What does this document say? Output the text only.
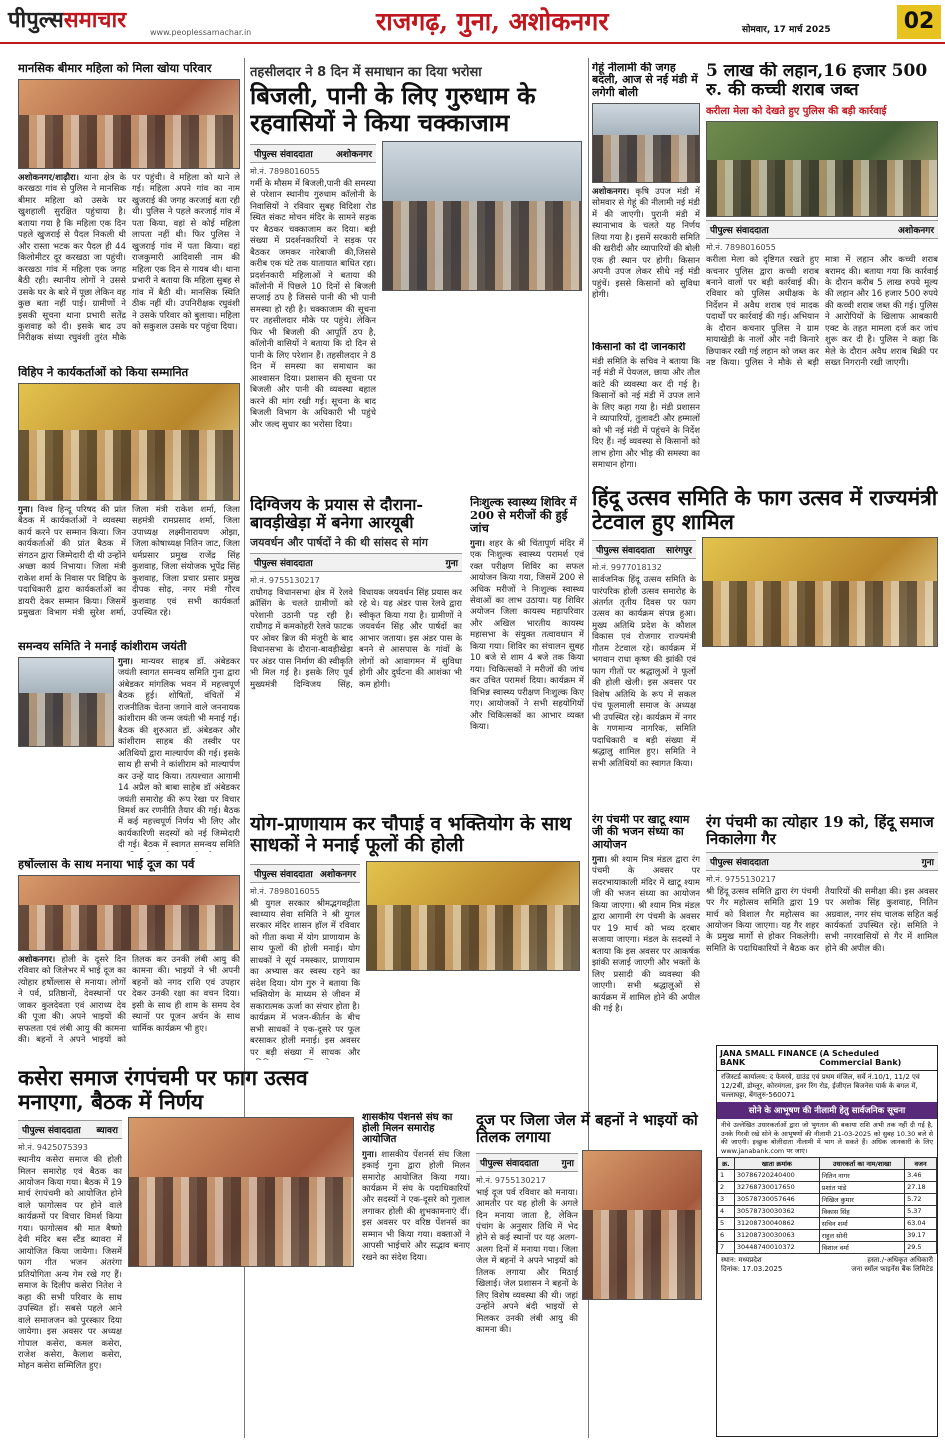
पीपुल्ससमाचार	www.peoplessamachar.in	राजगढ़, गुना, अशोकनगर	सोमवार, 17 मार्च 2025	02
मानसिक बीमार महिला को मिला खोया परिवार
अशोकनगर/शाढ़ौरा। थाना क्षेत्र के करखठा गांव से पुलिस ने मानसिक बीमार महिला को उसके घर खुशहाली सुरक्षित पहुंचाया है। बताया गया है कि महिला एक दिन पहले खुजराई से पैदल निकली थी और रास्ता भटक कर पैदल ही 44 किलोमीटर दूर करखठा जा पहुंची। करखठा गांव में महिला एक जगह बैठी रही। स्थानीय लोगों ने उससे उसके घर के बारे में पूछा लेकिन वह कुछ बता नहीं पाई। ग्रामीणों ने इसकी सूचना थाना प्रभारी सतेंद्र कुशवाह को दी। इसके बाद उप निरीक्षक संध्या रघुवंशी तुरंत मौके पर पहुंची। वे महिला को थाने ले गई। महिला अपने गांव का नाम खुजराई की जगह करजाई बता रही थी। पुलिस ने पहले करजाई गांव में पता किया, वहां से कोई महिला लापता नहीं थी। फिर पुलिस ने खुजराई गांव में पता किया। वहां राजकुमारी आदिवासी नाम की महिला एक दिन से गायब थी। थाना प्रभारी ने बताया कि महिला सुबह से गांव में बैठी थी। मानसिक स्थिति ठीक नहीं थी। उपनिरीक्षक रघुवंशी ने उसके परिवार को बुलाया। महिला को सकुशल उसके घर पहुंचा दिया।
विहिप ने कार्यकर्ताओं को किया सम्मानित
गुना। विश्व हिन्दू परिषद की प्रांत बैठक में कार्यकर्ताओं ने व्यवस्था कार्य करने पर सम्मान किया। जिन कार्यकर्ताओं की प्रांत बैठक में संगठन द्वारा जिम्मेदारी दी थी उन्होंने अच्छा कार्य निभाया। जिला मंत्री राकेश शर्मा के निवास पर विहिप के पदाधिकारी द्वारा कार्यकर्ताओं का डायरी देकर सम्मान किया। जिसमें प्रमुखतः विभाग मंत्री सुरेश शर्मा, जिला मंत्री राकेश शर्मा, जिला सहमंत्री रामप्रसाद शर्मा, जिला उपाध्यक्ष लक्ष्मीनारायण ओझा, जिला कोषाध्यक्ष नितिन जाट, जिला धर्मप्रसार प्रमुख राजेंद्र सिंह कुशवाह, जिला संयोजक भूपेंद्र सिंह कुशवाह, जिला प्रचार प्रसार प्रमुख दीपक सोढ़, नगर मंत्री गौरव कुशवाह एवं सभी कार्यकर्ता उपस्थित रहे।
समन्वय समिति ने मनाई कांशीराम जयंती
गुना। मान्यवर साहब डॉ. अंबेडकर जयंती स्वागत समन्वय समिति गुना द्वारा अंबेडकर मांगलिक भवन में महत्त्वपूर्ण बैठक हुई। शोषितों, वंचितों में राजनीतिक चेतना जगाने वाले जननायक कांशीराम की जन्म जयंती भी मनाई गई। बैठक की शुरुआत डॉ. अंबेडकर और कांशीराम साहब की तस्वीर पर अतिथियों द्वारा माल्यार्पण की गई। इसके साथ ही सभी ने कांशीराम को माल्यार्पण कर उन्हें याद किया। तत्पश्चात आगामी 14 अप्रैल को बाबा साहेब डॉ अंबेडकर जयंती समारोह की रूप रेखा पर विचार विमर्श कर रणनीति तैयार की गई। बैठक में कई महत्त्वपूर्ण निर्णय भी लिए और कार्यकारिणी सदस्यों को नई जिम्मेदारी दी गई। बैठक में स्वागत समन्वय समिति
हर्षोल्लास के साथ मनाया भाई दूज का पर्व
अशोकनगर। होली के दूसरे दिन रविवार को जिलेभर में भाई दूज का त्योहार हर्षोल्लास से मनाया। लोगों ने पर्व, प्रतिष्ठानों, देवस्थानों पर जाकर कुलदेवता एवं आराध्य देव की पूजा की। अपने भाइयों की सफलता एवं लंबी आयु की कामना की। बहनों ने अपने भाइयों को तिलक कर उनकी लंबी आयु की कामना की। भाइयों ने भी अपनी बहनों को नगद राशि एवं उपहार देकर उनकी रक्षा का वचन दिया। इसी के साथ ही शाम के समय देव स्थानों पर पूजन अर्चन के साथ धार्मिक कार्यक्रम भी हुए।
कसेरा समाज रंगपंचमी पर फाग उत्सव मनाएगा, बैठक में निर्णय
पीपुल्स संवाददाता ब्यावरा
मो.नं. 9425075393
स्थानीय कसेरा समाज की होली मिलन समारोह एवं बैठक का आयोजन किया गया। बैठक में 19 मार्च रंगपंचमी को आयोजित होने वाले फागोत्सव पर होने वाले कार्यक्रमों पर विचार विमर्श किया गया। फागोत्सव श्री मात बैष्णो देवी मंदिर बस स्टैंड ब्यावरा में आयोजित किया जायेगा। जिसमें फाग गीत भजन अंतरंगा प्रतियोगिता अन्य गेम रखे गए हैं। समाज के दिलीप कसेरा नितेश ने कहा की सभी परिवार के साथ उपस्थित हों। सबसे पहले आने वाले समाजजन को पुरस्कार दिया जायेगा। इस अवसर पर अध्यक्ष गोपाल कसेरा, कमल कसेरा, राजेश कसेरा, कैलाश कसेरा, मोहन कसेरा सम्मिलित हुए।
तहसीलदार ने 8 दिन में समाधान का दिया भरोसा
बिजली, पानी के लिए गुरुधाम के रहवासियों ने किया चक्काजाम
पीपुल्स संवाददाता	अशोकनगर
मो.नं. 7898016055
गर्मी के मौसम में बिजली,पानी की समस्या से परेशान स्थानीय गुरुधाम कॉलोनी के निवासियों ने रविवार सुबह विदिशा रोड स्थित संकट मोचन मंदिर के सामने सड़क पर बैठकर चक्काजाम कर दिया। बड़ी संख्या में प्रदर्शनकारियों ने सड़क पर बैठकर जमकर नारेबाजी की,जिससे करीब एक घंटे तक यातायात बाधित रहा। प्रदर्शनकारी महिलाओं ने बताया की कॉलोनी में पिछले 10 दिनों से बिजली सप्लाई ठप है जिससे पानी की भी पानी समस्या हो रही है। चक्काजाम की सूचना पर तहसीलदार मौके पर पहुंचे। लेकिन फिर भी बिजली की आपूर्ति ठप है, कॉलोनी वासियों ने बताया कि दो दिन से पानी के लिए परेशान हैं। तहसीलदार ने 8 दिन में समस्या का समाधान का आश्वासन दिया। प्रशासन की सूचना पर बिजली और पानी की व्यवस्था बहाल करने की मांग रखी गई। सूचना के बाद बिजली विभाग के अधिकारी भी पहुंचे और जल्द सुधार का भरोसा दिया।
दिग्विजय के प्रयास से दौराना-बावड़ीखेड़ा में बनेगा आरयूबी
जयवर्धन और पार्षदों ने की थी सांसद से मांग
पीपुल्स संवाददाता	गुना
मो.नं. 9755130217
राघौगढ़ विधानसभा क्षेत्र में रेलवे क्रॉसिंग के चलते ग्रामीणों को परेशानी उठानी पड़ रही है। राघौगढ़ में कमकोहरी रेलवे फाटक पर ओवर ब्रिज की मंजूरी के बाद विधानसभा के दौराना-बावड़ीखेड़ा पर अंडर पास निर्माण की स्वीकृति भी मिल गई है। इसके लिए पूर्व मुख्यमंत्री दिग्विजय सिंह, विधायक जयवर्धन सिंह प्रयास कर रहे थे। यह अंडर पास रेलवे द्वारा स्वीकृत किया गया है। ग्रामीणों ने जयवर्धन सिंह और पार्षदों का आभार जताया। इस अंडर पास के बनने से आसपास के गांवों के लोगों को आवागमन में सुविधा होगी और दुर्घटना की आशंका भी कम होगी।
निःशुल्क स्वास्थ्य शिविर में 200 से मरीजों की हुई जांच
गुना। शहर के श्री चिंतापूर्ण मंदिर में एक निःशुल्क स्वास्थ्य परामर्श एवं रक्त परीक्षण शिविर का सफल आयोजन किया गया, जिसमें 200 से अधिक मरीजों ने निःशुल्क स्वास्थ्य सेवाओं का लाभ उठाया। यह शिविर अयोजन जिला कायस्थ महापरिवार और अखिल भारतीय कायस्थ महासभा के संयुक्त तत्वावधान में किया गया। शिविर का संचालन सुबह 10 बजे से शाम 4 बजे तक किया गया। चिकित्सकों ने मरीजों की जांच कर उचित परामर्श दिया। कार्यक्रम में विभिन्न स्वास्थ्य परीक्षण निःशुल्क किए गए। आयोजकों ने सभी सहयोगियों और चिकित्सकों का आभार व्यक्त किया।
योग-प्राणायाम कर चौपाई व भक्तियोग के साथ साधकों ने मनाई फूलों की होली
पीपुल्स संवाददाता अशोकनगर
मो.नं. 7898016055
श्री युगल सरकार श्रीमद्भगवद्गीता स्वाध्याय सेवा समिति ने श्री युगल सरकार मंदिर शासन हॉल में रविवार को गीता कथा में योग प्राणायाम के साथ फूलों की होली मनाई। योग साधकों ने सूर्य नमस्कार, प्राणायाम का अभ्यास कर स्वस्थ रहने का संदेश दिया। योग गुरु ने बताया कि भक्तियोग के माध्यम से जीवन में सकारात्मक ऊर्जा का संचार होता है। कार्यक्रम में भजन-कीर्तन के बीच सभी साधकों ने एक-दूसरे पर फूल बरसाकर होली मनाई। इस अवसर पर बड़ी संख्या में साधक और
शासकीय पेंशनर्स संघ का होली मिलन समारोह आयोजित
गुना। शासकीय पेंशनर्स संघ जिला इकाई गुना द्वारा होली मिलन समारोह आयोजित किया गया। कार्यक्रम में संघ के पदाधिकारियों और सदस्यों ने एक-दूसरे को गुलाल लगाकर होली की शुभकामनाएं दीं। इस अवसर पर वरिष्ठ पेंशनर्स का सम्मान भी किया गया। वक्ताओं ने आपसी भाईचारे और सद्भाव बनाए रखने का संदेश दिया।
दूज पर जिला जेल में बहनों ने भाइयों को तिलक लगाया
पीपुल्स संवाददाता	गुना
मो.नं. 9755130217
भाई दूज पर्व रविवार को मनाया। आमतौर पर यह होली के अगले दिन मनाया जाता है, लेकिन पंचांग के अनुसार तिथि में भेद होने से कई स्थानों पर यह अलग-अलग दिनों में मनाया गया। जिला जेल में बहनों ने अपने भाइयों को तिलक लगाया और मिठाई खिलाई। जेल प्रशासन ने बहनों के लिए विशेष व्यवस्था की थी। जहां उन्होंने अपने बंदी भाइयों से मिलकर उनकी लंबी आयु की कामना की।
गेहूं नीलामी की जगह बदली, आज से नई मंडी में लगेगी बोली
अशोकनगर। कृषि उपज मंडी में सोमवार से गेहूं की नीलामी नई मंडी में की जाएगी। पुरानी मंडी में स्थानाभाव के चलते यह निर्णय लिया गया है। इसमें सरकारी समिति की खरीदी और व्यापारियों की बोली एक ही स्थान पर होगी। किसान अपनी उपज लेकर सीधे नई मंडी पहुंचें। इससे किसानों को सुविधा होगी।
किसानों को दी जानकारी
मंडी समिति के सचिव ने बताया कि नई मंडी में पेयजल, छाया और तौल कांटे की व्यवस्था कर दी गई है। किसानों को नई मंडी में उपज लाने के लिए कहा गया है। मंडी प्रशासन ने व्यापारियों, तुलावटी और हम्मालों को भी नई मंडी में पहुंचने के निर्देश दिए हैं। नई व्यवस्था से किसानों को लाभ होगा और भीड़ की समस्या का समाधान होगा।
5 लाख की लहान,16 हजार 500 रु. की कच्ची शराब जब्त
करीला मेला को देखते हुए पुलिस की बड़ी कार्रवाई
पीपुल्स संवाददाता	अशोकनगर
मो.नं. 7898016055
करीला मेला को दृष्टिगत रखते हुए कचनार पुलिस द्वारा कच्ची शराब बनाने वालों पर बड़ी कार्रवाई की। रविवार को पुलिस अधीक्षक के निर्देशन में अवैध शराब एवं मादक पदार्थों पर कार्रवाई की गई। अभियान के दौरान कचनार पुलिस ने ग्राम मायाखेड़ी के नालों और नदी किनारे छिपाकर रखी गई लहान को जब्त कर नष्ट किया। पुलिस ने मौके से बड़ी मात्रा में लहान और कच्ची शराब बरामद की। बताया गया कि कार्रवाई के दौरान करीब 5 लाख रुपये मूल्य की लहान और 16 हजार 500 रुपये की कच्ची शराब जब्त की गई। पुलिस ने आरोपियों के खिलाफ आबकारी एक्ट के तहत मामला दर्ज कर जांच शुरू कर दी है। पुलिस ने कहा कि मेले के दौरान अवैध शराब बिक्री पर सख्त निगरानी रखी जाएगी।
हिंदू उत्सव समिति के फाग उत्सव में राज्यमंत्री टेटवाल हुए शामिल
पीपुल्स संवाददाता सारंगपुर
मो.नं. 9977018132
सार्वजनिक हिंदू उत्सव समिति के पारंपरिक होली उत्सव समारोह के अंतर्गत तृतीय दिवस पर फाग उत्सव का कार्यक्रम संपन्न हुआ। मुख्य अतिथि प्रदेश के कौशल विकास एवं रोजगार राज्यमंत्री गौतम टेटवाल रहे। कार्यक्रम में भगवान राधा कृष्ण की झांकी एवं फाग गीतों पर श्रद्धालुओं ने फूलों की होली खेली। इस अवसर पर विशेष अतिथि के रूप में सकल पंच फूलमाली समाज के अध्यक्ष भी उपस्थित रहे। कार्यक्रम में नगर के गणमान्य नागरिक, समिति पदाधिकारी व बड़ी संख्या में श्रद्धालु शामिल हुए। समिति ने सभी अतिथियों का स्वागत किया।
रंग पंचमी पर खाटू श्याम जी की भजन संध्या का आयोजन
गुना। श्री श्याम मित्र मंडल द्वारा रंग पंचमी के अवसर पर सदरभायाकाली मंदिर में खाटू श्याम जी की भजन संध्या का आयोजन किया जाएगा। श्री श्याम मित्र मंडल द्वारा आगामी रंग पंचमी के अवसर पर 19 मार्च को भव्य दरबार सजाया जाएगा। मंडल के सदस्यों ने बताया कि इस अवसर पर आकर्षक झांकी सजाई जाएगी और भक्तों के लिए प्रसादी की व्यवस्था की जाएगी। सभी श्रद्धालुओं से कार्यक्रम में शामिल होने की अपील की गई है।
रंग पंचमी का त्योहार 19 को, हिंदू समाज निकालेगा गैर
पीपुल्स संवाददाता	गुना
मो.नं. 9755130217
श्री हिंदू उत्सव समिति द्वारा रंग पंचमी पर गैर महोत्सव समिति द्वारा 19 मार्च को विशाल गैर महोत्सव का आयोजन किया जाएगा। यह गैर शहर के प्रमुख मार्गों से होकर निकलेगी। समिति के पदाधिकारियों ने बैठक कर तैयारियों की समीक्षा की। इस अवसर पर अशोक सिंह कुशवाह, नितिन अग्रवाल, नगर संघ चालक सहित कई कार्यकर्ता उपस्थित रहे। समिति ने सभी नगरवासियों से गैर में शामिल होने की अपील की।
JANA SMALL FINANCE BANK
(A Scheduled Commercial Bank)
रजिस्टर्ड कार्यालय: द फेयरवे, ग्राउंड एवं प्रथम मंजिल, सर्वे नं.10/1, 11/2 एवं 12/2बी, डोम्लूर, कोरमंगला, इनर रिंग रोड, ईजीएल बिजनेस पार्क के बगल में, चल्लाघट्टा, बेंगलुरु-560071
सोने के आभूषण की नीलामी हेतु सार्वजनिक सूचना
नीचे उल्लेखित उधारकर्ताओं द्वारा जो भुगतान की बकाया राशि अभी तक नहीं दी गई है, उनके गिरवी रखे सोने के आभूषणों की नीलामी 21-03-2025 को सुबह 10.30 बजे से की जाएगी। इच्छुक बोलीदाता नीलामी में भाग ले सकते हैं। अधिक जानकारी के लिए www.janabank.com पर जाएं।
क्र.	खाता क्रमांक	उधारकर्ता का नाम/शाखा	वजन
1	30786720240400	नितिन नागर	3.46
2	32768730017650	प्रशांत पांडे	27.18
3	30578730057646	निखिल कुमार	5.72
4	30578730030362	विकास सिंह	5.37
5	31208730040862	सचिन शर्मा	63.04
6	31208730030063	राहुल सोनी	39.17
7	30448740010372	विशाल वर्मा	29.5
स्थान: मध्यप्रदेश
दिनांक: 17.03.2025
हस्ता./-अधिकृत अधिकारी
जना स्मॉल फाइनेंस बैंक लिमिटेड
